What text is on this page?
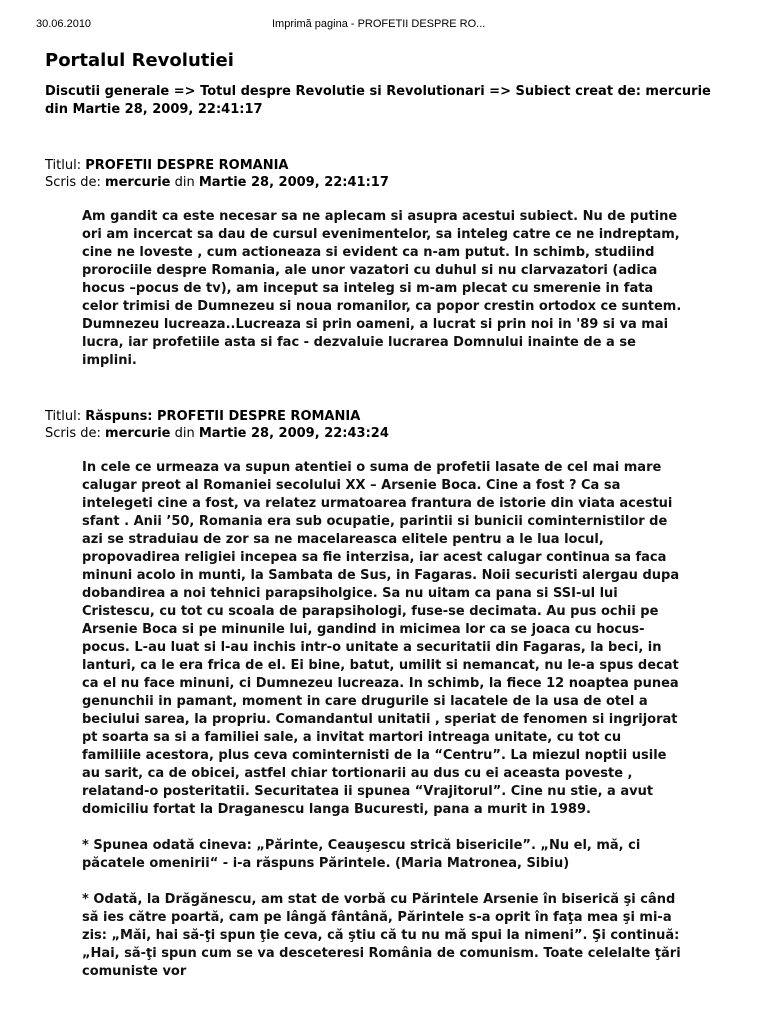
30.06.2010	Imprimă pagina - PROFETII DESPRE RO...
Portalul Revolutiei
Discutii generale => Totul despre Revolutie si Revolutionari => Subiect creat de: mercurie din Martie 28, 2009, 22:41:17
Titlul: PROFETII DESPRE ROMANIA
Scris de: mercurie din Martie 28, 2009, 22:41:17

Am gandit ca este necesar sa ne aplecam si asupra acestui subiect. Nu de putine ori am incercat sa dau de cursul evenimentelor, sa inteleg catre ce ne indreptam, cine ne loveste , cum actioneaza si evident ca n-am putut. In schimb, studiind prorociile despre Romania, ale unor vazatori cu duhul si nu clarvazatori (adica hocus –pocus de tv), am inceput sa inteleg si m-am plecat cu smerenie in fata celor trimisi de Dumnezeu si noua romanilor, ca popor crestin ortodox ce suntem.
Dumnezeu lucreaza..Lucreaza si prin oameni, a lucrat si prin noi in '89 si va mai lucra, iar profetiile asta si fac - dezvaluie lucrarea Domnului inainte de a se implini.

Titlul: Răspuns: PROFETII DESPRE ROMANIA
Scris de: mercurie din Martie 28, 2009, 22:43:24

In cele ce urmeaza va supun atentiei o suma de profetii lasate de cel mai mare calugar preot al Romaniei secolului XX – Arsenie Boca. Cine a fost ? Ca sa intelegeti cine a fost, va relatez urmatoarea frantura de istorie din viata acestui sfant . Anii ’50, Romania era sub ocupatie, parintii si bunicii cominternistilor de azi se straduiau de zor sa ne macelareasca elitele pentru a le lua locul, propovadirea religiei incepea sa fie interzisa, iar acest calugar continua sa faca minuni acolo in munti, la Sambata de Sus, in Fagaras. Noii securisti alergau dupa dobandirea a noi tehnici parapsiholgice. Sa nu uitam ca pana si SSI-ul lui Cristescu, cu tot cu scoala de parapsihologi, fuse-se decimata. Au pus ochii pe Arsenie Boca si pe minunile lui, gandind in micimea lor ca se joaca cu hocus-pocus. L-au luat si l-au inchis intr-o unitate a securitatii din Fagaras, la beci, in lanturi, ca le era frica de el. Ei bine, batut, umilit si nemancat, nu le-a spus decat ca el nu face minuni, ci Dumnezeu lucreaza. In schimb, la fiece 12 noaptea punea genunchii in pamant, moment in care drugurile si lacatele de la usa de otel a beciului sarea, la propriu. Comandantul unitatii , speriat de fenomen si ingrijorat pt soarta sa si a familiei sale, a invitat martori intreaga unitate, cu tot cu familiile acestora, plus ceva cominternisti de la “Centru”. La miezul noptii usile au sarit, ca de obicei, astfel chiar tortionarii au dus cu ei aceasta poveste , relatand-o posteritatii. Securitatea ii spunea “Vrajitorul”. Cine nu stie, a avut domiciliu fortat la Draganescu langa Bucuresti, pana a murit in 1989.

* Spunea odată cineva: „Părinte, Ceauşescu strică bisericile”. „Nu el, mă, ci păcatele omenirii“ - i-a răspuns Părintele. (Maria Matronea, Sibiu)

* Odată, la Drăgănescu, am stat de vorbă cu Părintele Arsenie în biserică şi când să ies către poartă, cam pe lângă fântână, Părintele s-a oprit în faţa mea şi mi-a zis: „Măi, hai să-ţi spun ţie ceva, că ştiu că tu nu mă spui la nimeni”. Şi continuă: „Hai, să-ţi spun cum se va desceteresi România de comunism. Toate celelalte ţări comuniste vor
